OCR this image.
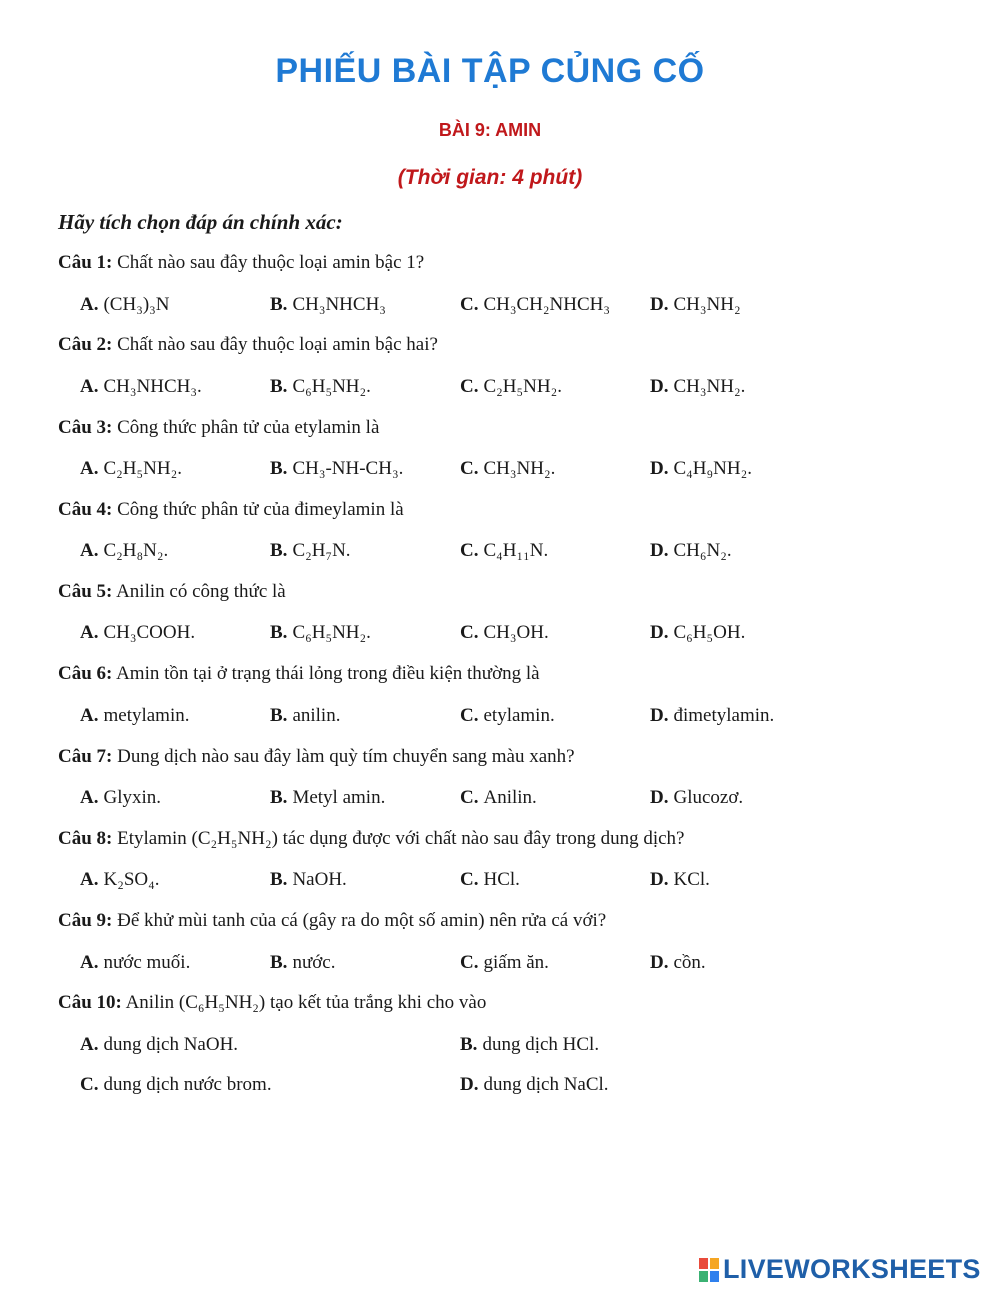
PHIẾU BÀI TẬP CỦNG CỐ
BÀI 9: AMIN
(Thời gian: 4 phút)
Hãy tích chọn đáp án chính xác:
Câu 1: Chất nào sau đây thuộc loại amin bậc 1?
A. (CH₃)₃N	B. CH₃NHCH₃	C. CH₃CH₂NHCH₃ D. CH₃NH₂
Câu 2: Chất nào sau đây thuộc loại amin bậc hai?
A. CH₃NHCH₃.	B. C₆H₅NH₂.	C. C₂H₅NH₂.	D. CH₃NH₂.
Câu 3: Công thức phân tử của etylamin là
A. C₂H₅NH₂.	B. CH₃-NH-CH₃.	C. CH₃NH₂.	D. C₄H₉NH₂.
Câu 4: Công thức phân tử của đimeylamin là
A. C₂H₈N₂.	B. C₂H₇N.	C. C₄H₁₁N.	D. CH₆N₂.
Câu 5: Anilin có công thức là
A. CH₃COOH.	B. C₆H₅NH₂.	C. CH₃OH.	D. C₆H₅OH.
Câu 6: Amin tồn tại ở trạng thái lỏng trong điều kiện thường là
A. metylamin.	B. anilin.	C. etylamin.	D. đimetylamin.
Câu 7: Dung dịch nào sau đây làm quỳ tím chuyển sang màu xanh?
A. Glyxin.	B. Metyl amin.	C. Anilin.	D. Glucozơ.
Câu 8: Etylamin (C₂H₅NH₂) tác dụng được với chất nào sau đây trong dung dịch?
A. K₂SO₄.	B. NaOH.	C. HCl.	D. KCl.
Câu 9: Để khử mùi tanh của cá (gây ra do một số amin) nên rửa cá với?
A. nước muối.	B. nước.	C. giấm ăn.	D. cồn.
Câu 10: Anilin (C₆H₅NH₂) tạo kết tủa trắng khi cho vào
A. dung dịch NaOH.	B. dung dịch HCl.
C. dung dịch nước brom.	D. dung dịch NaCl.
LIVEWORKSHEETS
